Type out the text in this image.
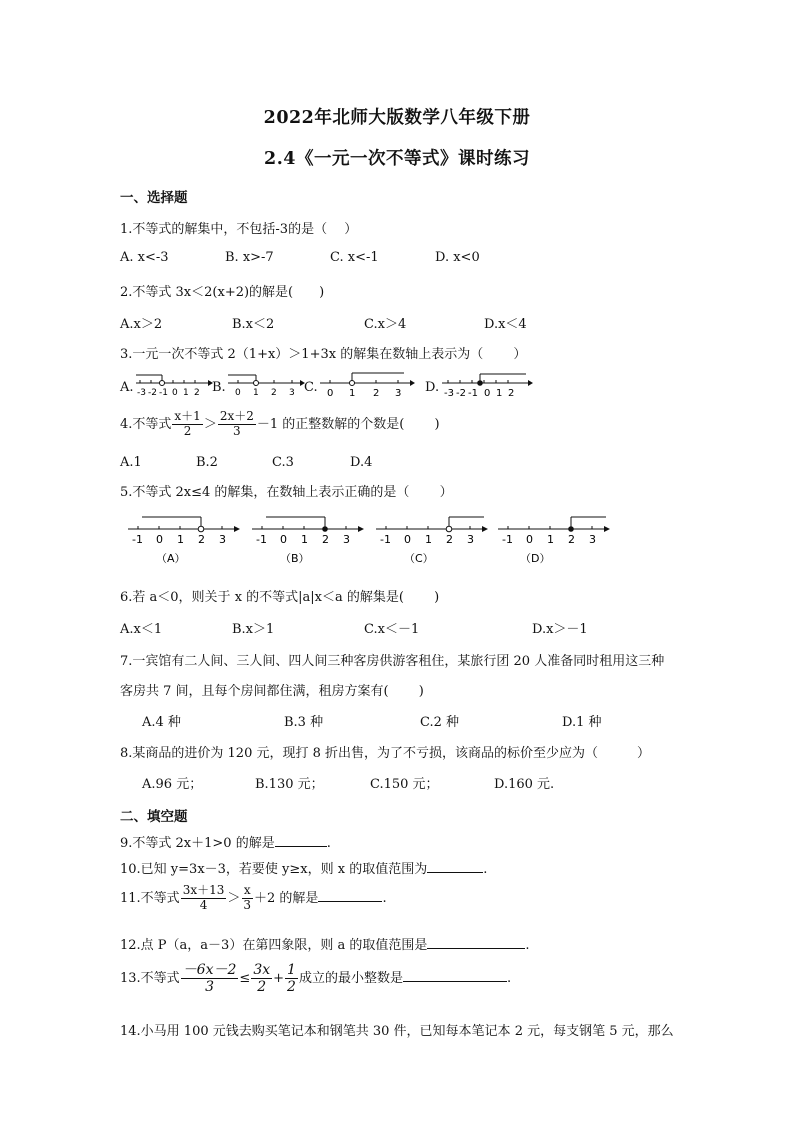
2022年北师大版数学八年级下册
2.4《一元一次不等式》课时练习
一、选择题
1.不等式的解集中，不包括-3的是（　 ）
A. x<-3	B. x>-7	C. x<-1	D. x<0
2.不等式 3x＜2(x+2)的解是(　　)
A.x＞2	B.x＜2	C.x＞4	D.x＜4
3.一元一次不等式 2（1+x）＞1+3x 的解集在数轴上表示为（　　 ）
A. -3 -2 -1 0 1 2 B. 0 1 2 3 C. 0 1 2 3 D. -3 -2 -1 0 1 2
4.不等式 $\frac{x+1}{2} > \frac{2x+2}{3} -1$ 的正整数解的个数是(　　 )
A.1	B.2	C.3	D.4
5.不等式 2x≤4 的解集，在数轴上表示正确的是（　　 ）
-1 0 1 2 3
（A）
-1 0 1 2 3
（B）
-1 0 1 2 3
（C）
-1 0 1 2 3
（D）
6.若 a＜0，则关于 x 的不等式|a|x＜a 的解集是(　　 )
A.x＜1	B.x＞1	C.x＜－1	D.x＞－1
7.一宾馆有二人间、三人间、四人间三种客房供游客租住，某旅行团 20 人准备同时租用这三种
客房共 7 间，且每个房间都住满，租房方案有(　　 )
A.4 种	B.3 种	C.2 种	D.1 种
8.某商品的进价为 120 元，现打 8 折出售，为了不亏损，该商品的标价至少应为（　　　）
A.96 元；	B.130 元；	C.150 元；	D.160 元.
二、填空题
9.不等式 2x＋1>0 的解是	.
10.已知 y=3x－3，若要使 y≥x，则 x 的取值范围为	.
11.不等式 $\frac{3x+13}{4} > \frac{x}{3} +2$ 的解是	.
12.点 P（a，a－3）在第四象限，则 a 的取值范围是	.
13.不等式 $\frac{-6x-2}{3} \le \frac{3x}{2} + \frac{1}{2}$ 成立的最小整数是	.
14.小马用 100 元钱去购买笔记本和钢笔共 30 件，已知每本笔记本 2 元，每支钢笔 5 元，那么
